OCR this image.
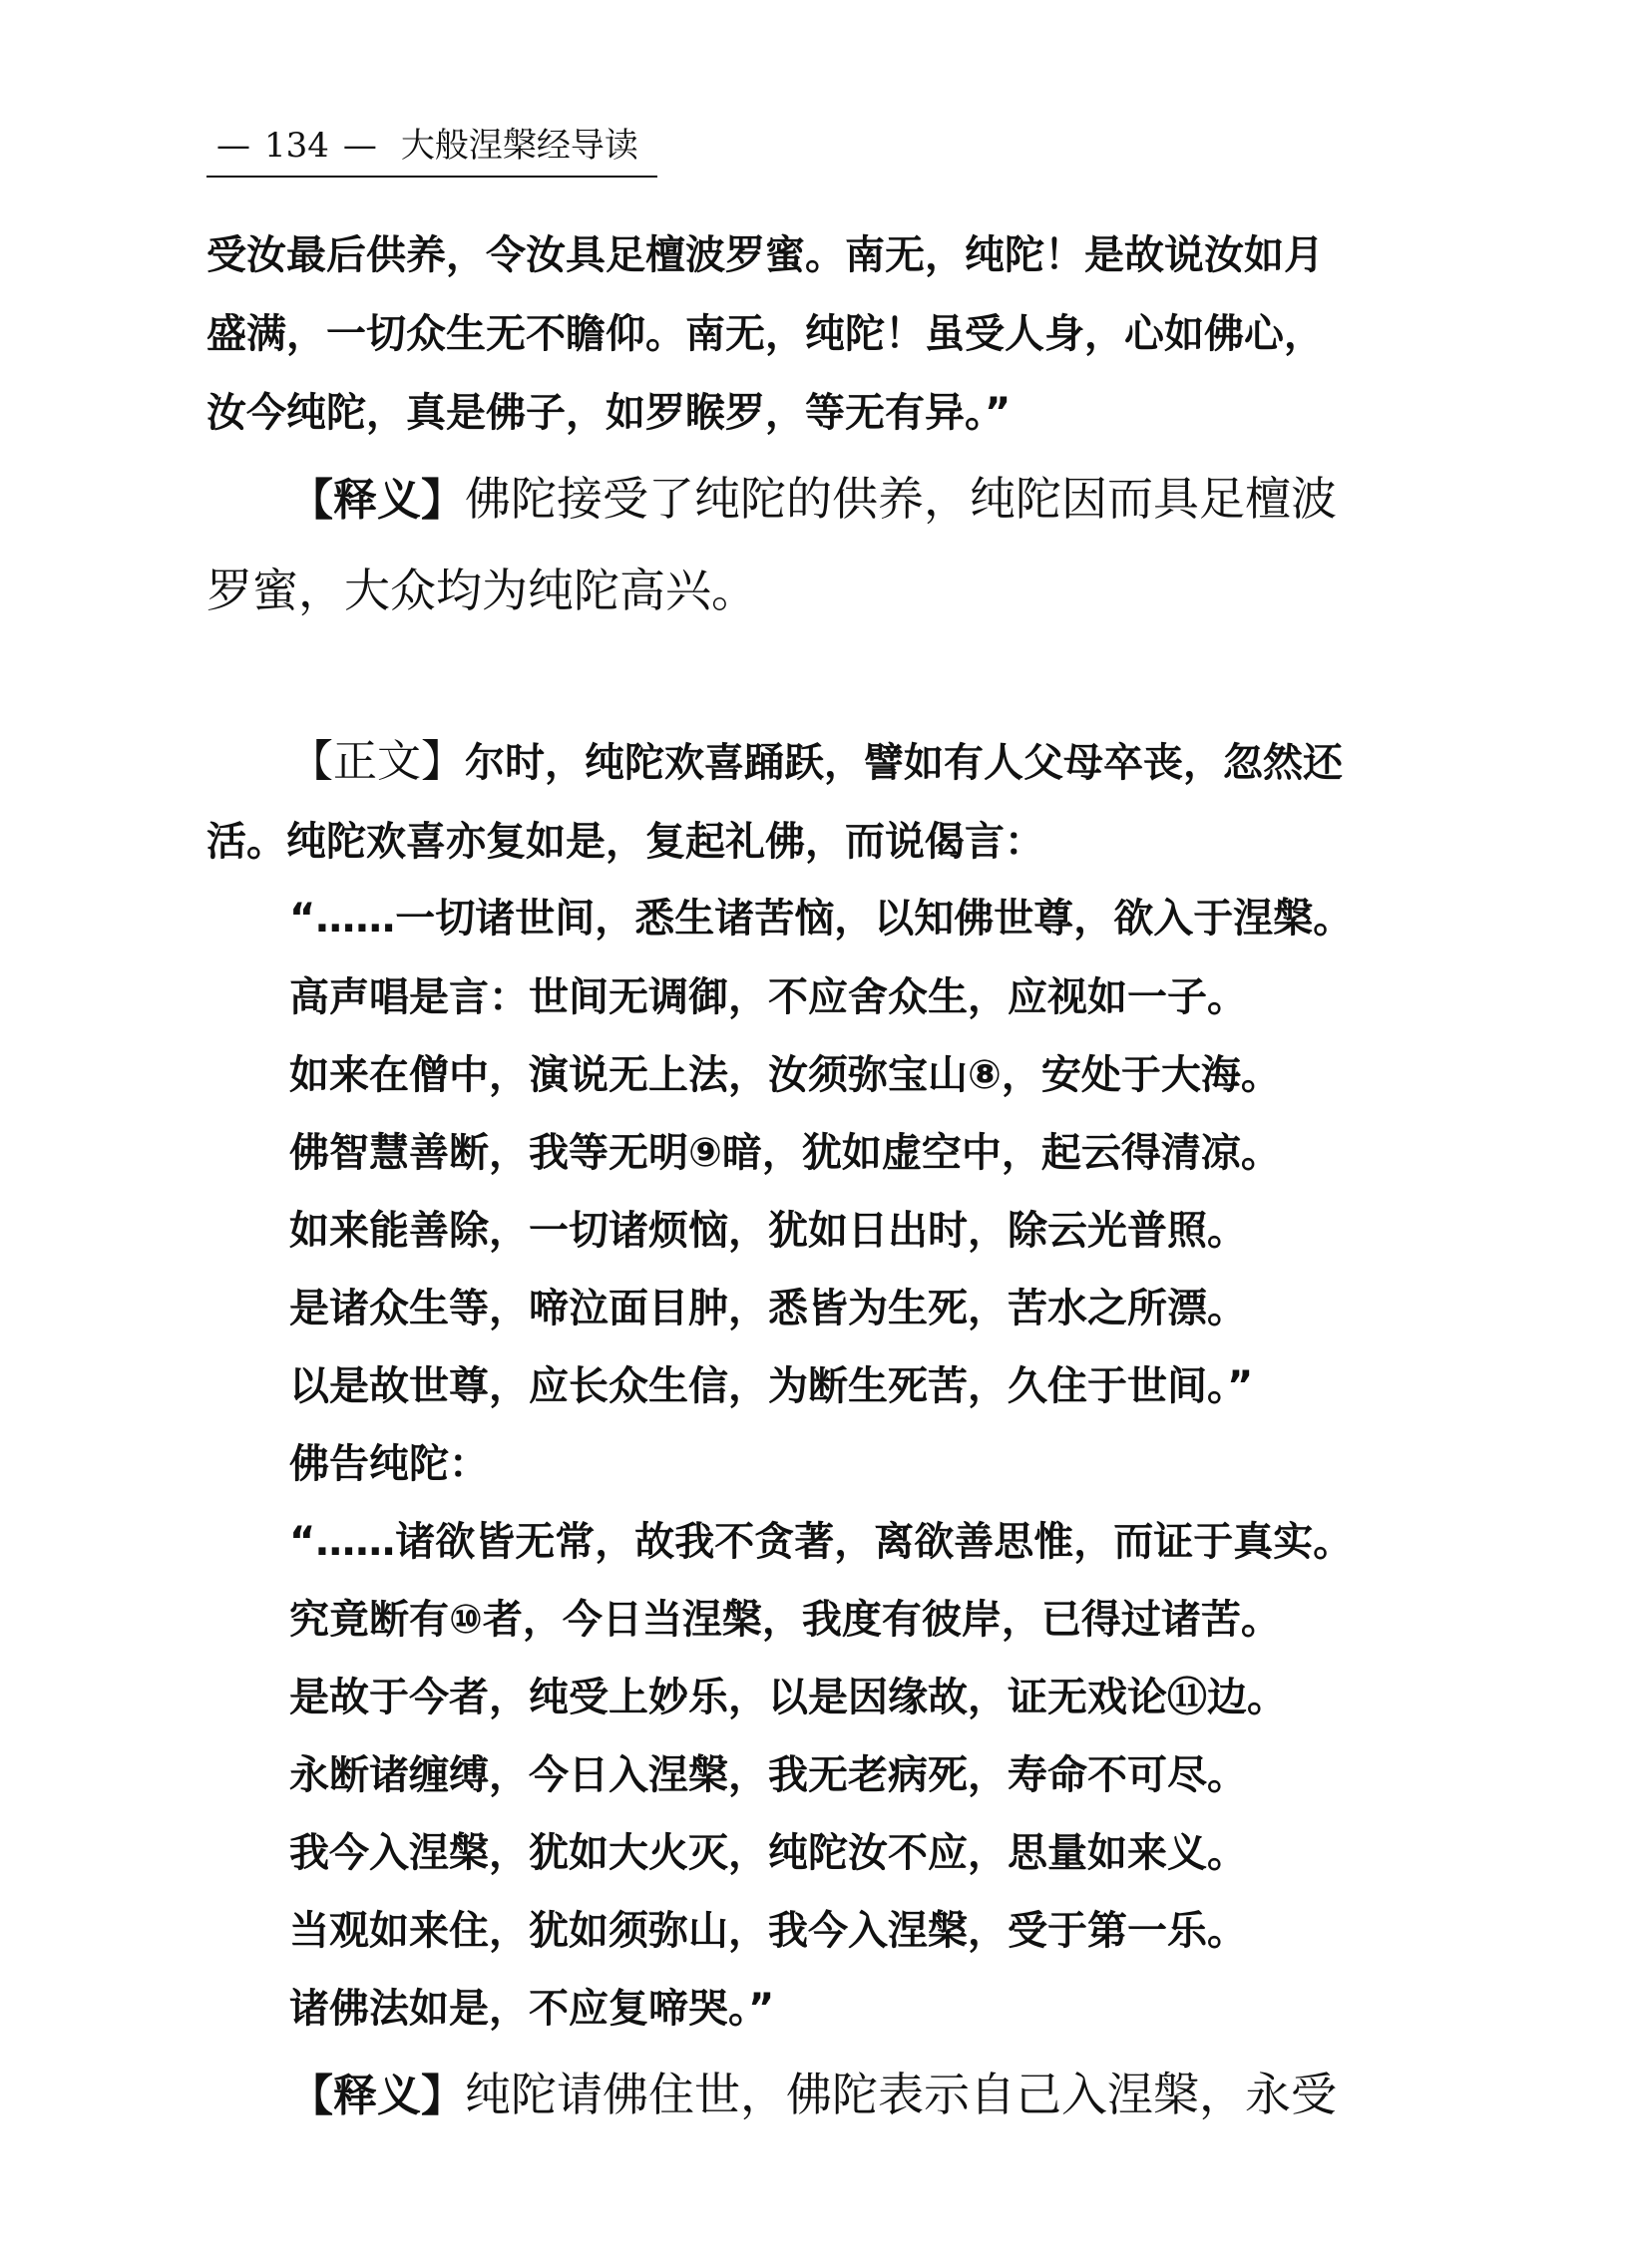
— 134 — 大般涅槃经导读
受汝最后供养，令汝具足檀波罗蜜。南无，纯陀！是故说汝如月
盛满，一切众生无不瞻仰。南无，纯陀！虽受人身，心如佛心，
汝今纯陀，真是佛子，如罗睺罗，等无有异。”
【释义】佛陀接受了纯陀的供养，纯陀因而具足檀波
罗蜜，大众均为纯陀高兴。
【正文】尔时，纯陀欢喜踊跃，譬如有人父母卒丧，忽然还
活。纯陀欢喜亦复如是，复起礼佛，而说偈言：
“……一切诸世间，悉生诸苦恼，以知佛世尊，欲入于涅槃。
高声唱是言：世间无调御，不应舍众生，应视如一子。
如来在僧中，演说无上法，汝须弥宝山⑧，安处于大海。
佛智慧善断，我等无明⑨暗，犹如虚空中，起云得清凉。
如来能善除，一切诸烦恼，犹如日出时，除云光普照。
是诸众生等，啼泣面目肿，悉皆为生死，苦水之所漂。
以是故世尊，应长众生信，为断生死苦，久住于世间。”
佛告纯陀：
“……诸欲皆无常，故我不贪著，离欲善思惟，而证于真实。
究竟断有⑩者，今日当涅槃，我度有彼岸，已得过诸苦。
是故于今者，纯受上妙乐，以是因缘故，证无戏论⑪边。
永断诸缠缚，今日入涅槃，我无老病死，寿命不可尽。
我今入涅槃，犹如大火灭，纯陀汝不应，思量如来义。
当观如来住，犹如须弥山，我今入涅槃，受于第一乐。
诸佛法如是，不应复啼哭。”
【释义】纯陀请佛住世，佛陀表示自己入涅槃，永受
